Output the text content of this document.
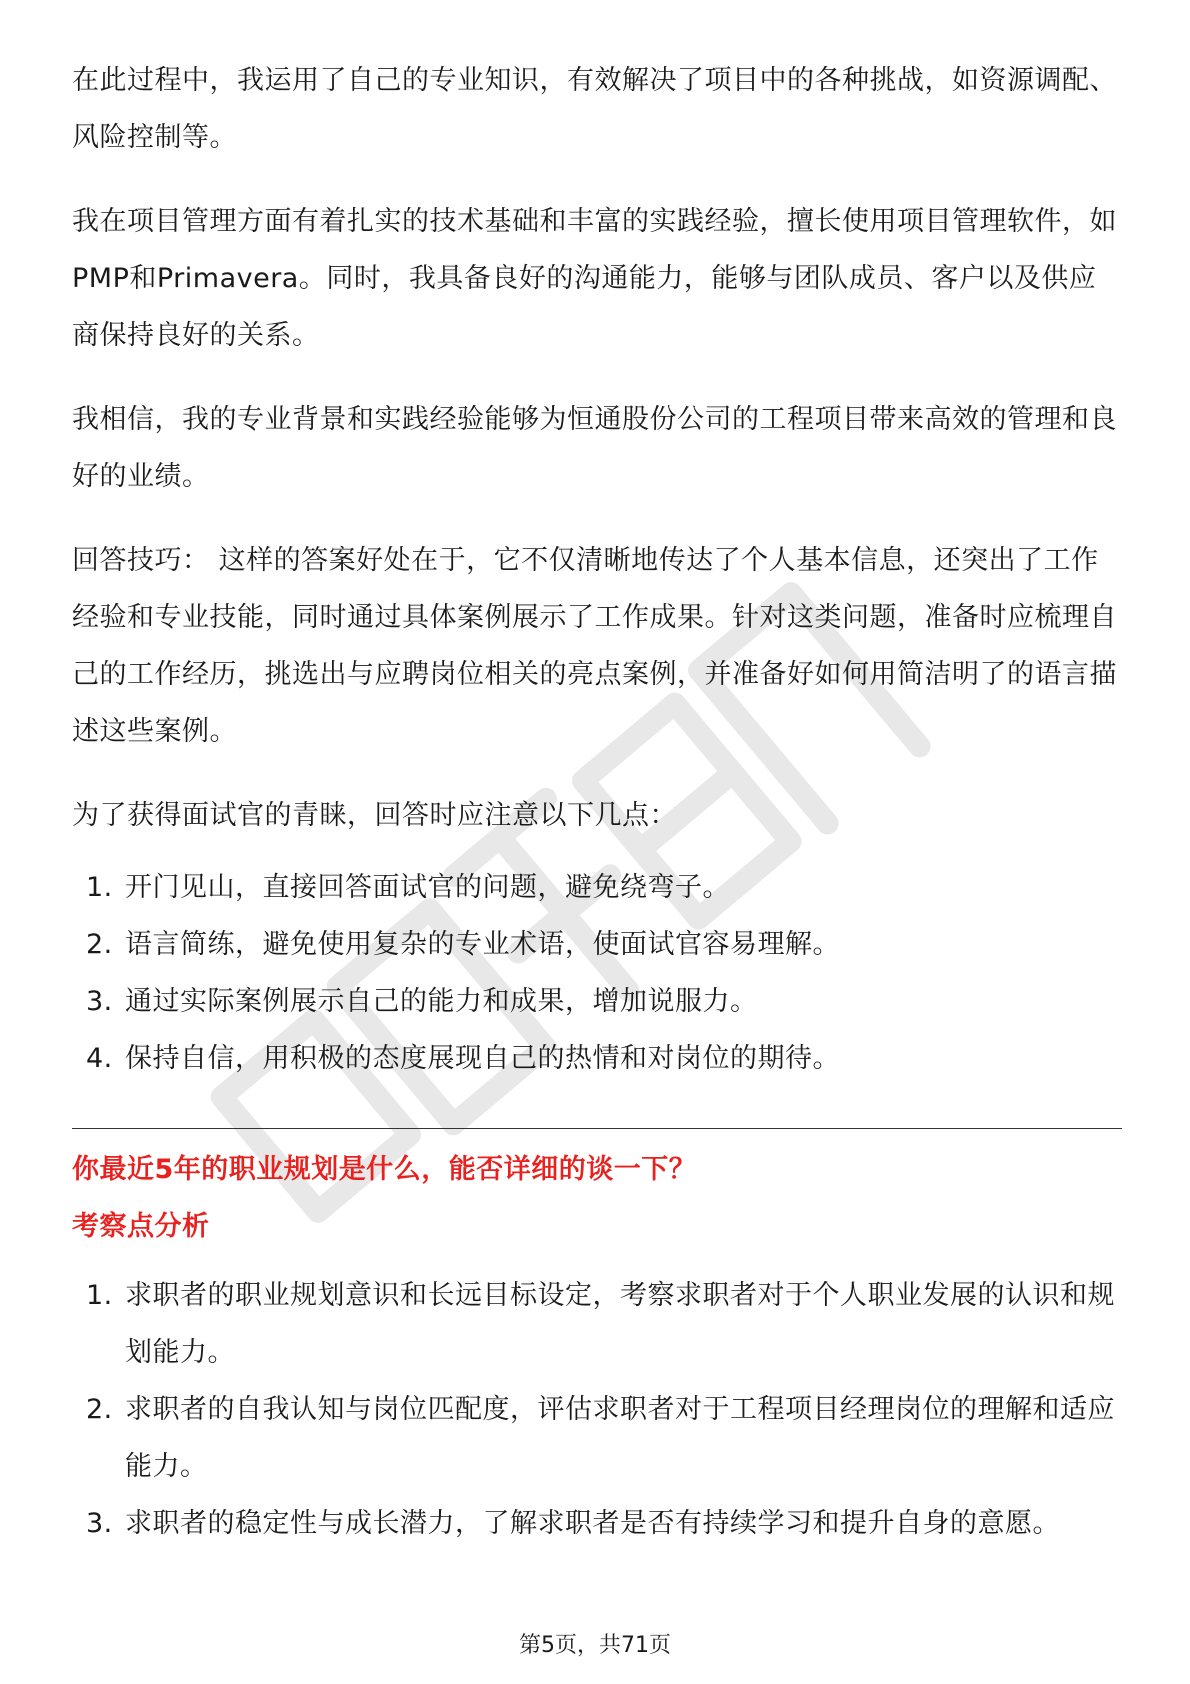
在此过程中，我运用了自己的专业知识，有效解决了项目中的各种挑战，如资源调配、风险控制等。

我在项目管理方面有着扎实的技术基础和丰富的实践经验，擅长使用项目管理软件，如PMP和Primavera。同时，我具备良好的沟通能力，能够与团队成员、客户以及供应商保持良好的关系。

我相信，我的专业背景和实践经验能够为恒通股份公司的工程项目带来高效的管理和良好的业绩。

回答技巧： 这样的答案好处在于，它不仅清晰地传达了个人基本信息，还突出了工作经验和专业技能，同时通过具体案例展示了工作成果。针对这类问题，准备时应梳理自己的工作经历，挑选出与应聘岗位相关的亮点案例，并准备好如何用简洁明了的语言描述这些案例。

为了获得面试官的青睐，回答时应注意以下几点：

1. 开门见山，直接回答面试官的问题，避免绕弯子。
2. 语言简练，避免使用复杂的专业术语，使面试官容易理解。
3. 通过实际案例展示自己的能力和成果，增加说服力。
4. 保持自信，用积极的态度展现自己的热情和对岗位的期待。
你最近5年的职业规划是什么，能否详细的谈一下？
考察点分析
1. 求职者的职业规划意识和长远目标设定，考察求职者对于个人职业发展的认识和规划能力。
2. 求职者的自我认知与岗位匹配度，评估求职者对于工程项目经理岗位的理解和适应能力。
3. 求职者的稳定性与成长潜力，了解求职者是否有持续学习和提升自身的意愿。
第5页，共71页
